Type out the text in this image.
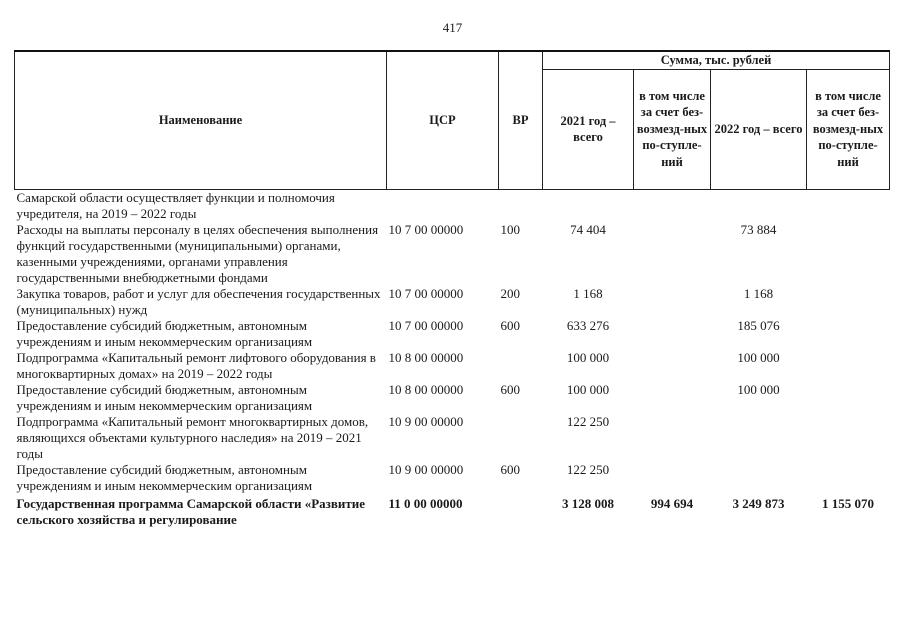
417
Наименование	ЦСР	ВР	Сумма, тыс. рублей			
			2021 год – всего	в том числе за счет без-возмезд-ных по-ступле-ний	2022 год – всего	в том числе за счет без-возмезд-ных по-ступле-ний
Самарской области осуществляет функции и полномочия учредителя, на 2019 – 2022 годы						
Расходы на выплаты персоналу в целях обеспечения выполнения функций государственными (муниципальными) органами, казенными учреждениями, органами управления государственными внебюджетными фондами	10 7 00 00000	100	74 404		73 884	
Закупка товаров, работ и услуг для обеспечения государственных (муниципальных) нужд	10 7 00 00000	200	1 168		1 168	
Предоставление субсидий бюджетным, автономным учреждениям и иным некоммерческим организациям	10 7 00 00000	600	633 276		185 076	
Подпрограмма «Капитальный ремонт лифтового оборудования в многоквартирных домах» на 2019 – 2022 годы	10 8 00 00000		100 000		100 000	
Предоставление субсидий бюджетным, автономным учреждениям и иным некоммерческим организациям	10 8 00 00000	600	100 000		100 000	
Подпрограмма «Капитальный ремонт многоквартирных домов, являющихся объектами культурного наследия» на 2019 – 2021 годы	10 9 00 00000		122 250			
Предоставление субсидий бюджетным, автономным учреждениям и иным некоммерческим организациям	10 9 00 00000	600	122 250			
Государственная программа Самарской области «Развитие сельского хозяйства и регулирование	11 0 00 00000		3 128 008	994 694	3 249 873	1 155 070
